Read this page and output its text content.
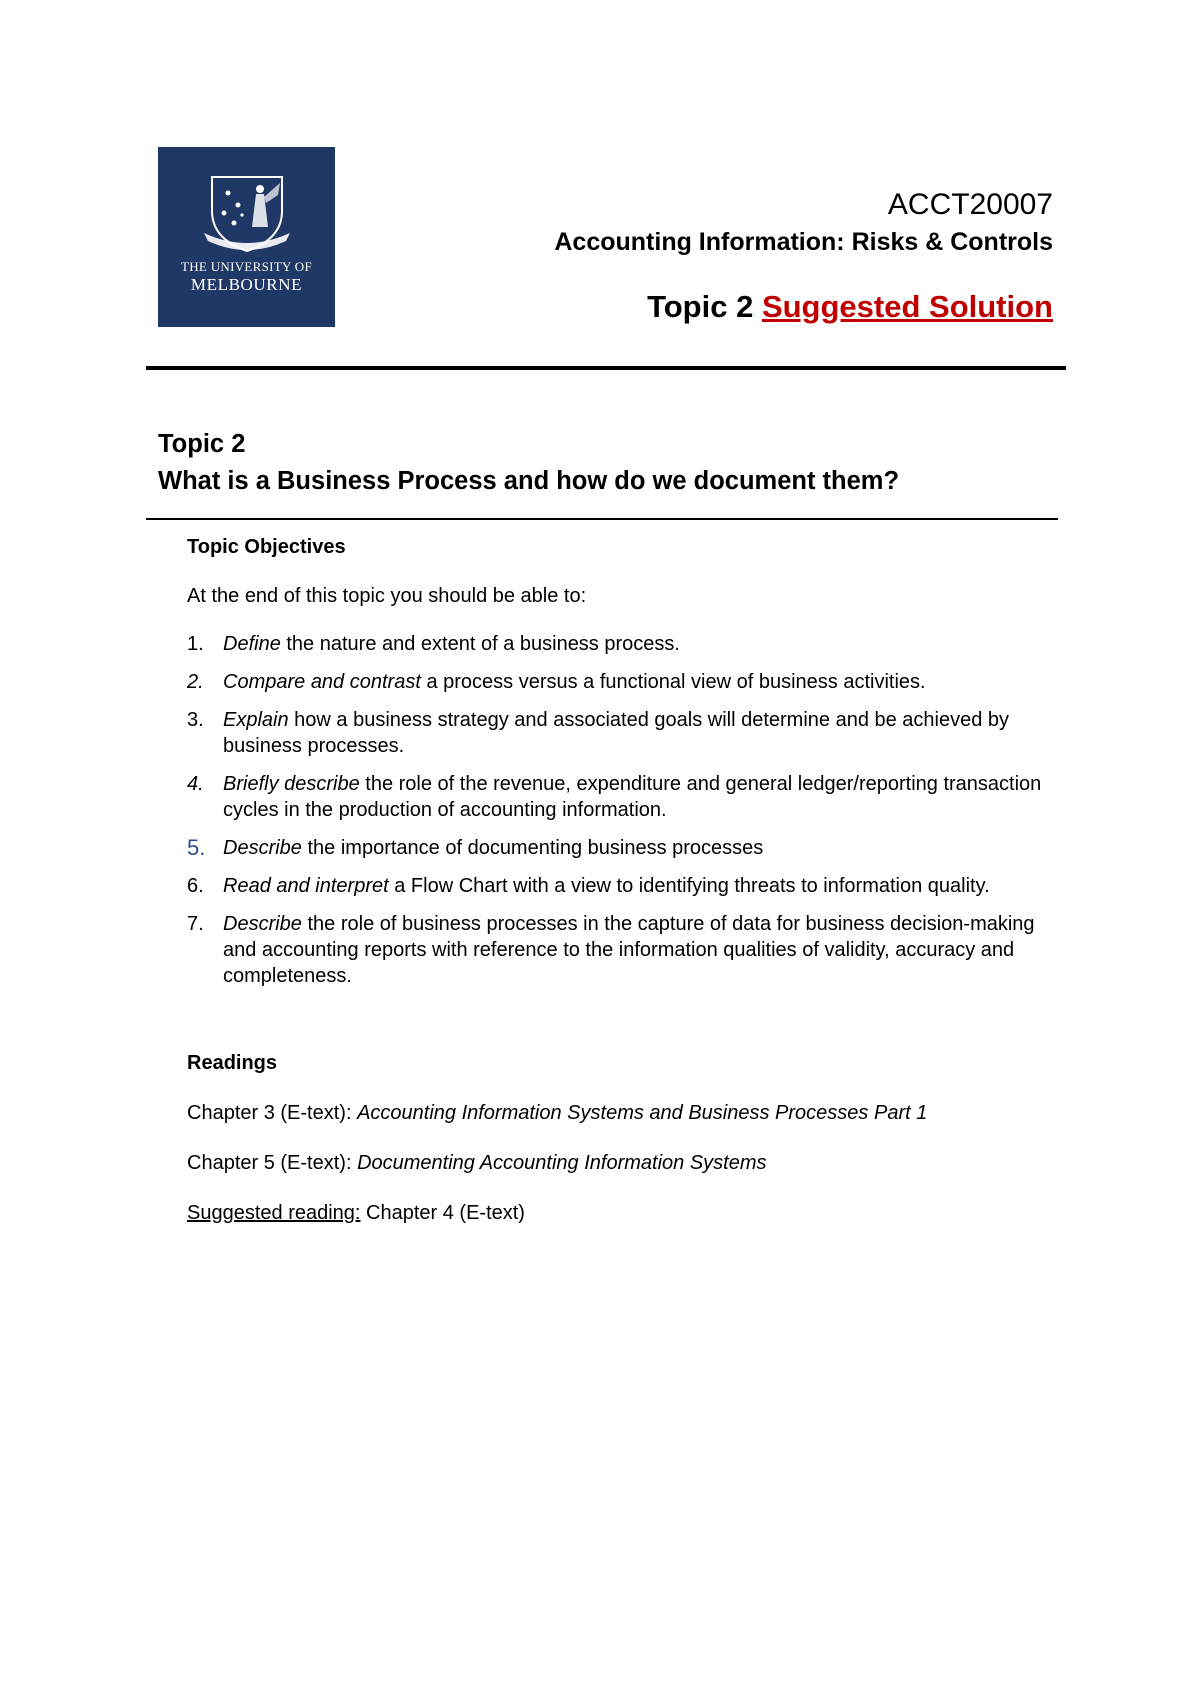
THE UNIVERSITY OF
MELBOURNE
ACCT20007
Accounting Information: Risks & Controls
Topic 2 Suggested Solution
Topic 2
What is a Business Process and how do we document them?

Topic Objectives

At the end of this topic you should be able to:

1. Define the nature and extent of a business process.
2. Compare and contrast a process versus a functional view of business activities.
3. Explain how a business strategy and associated goals will determine and be achieved by business processes.
4. Briefly describe the role of the revenue, expenditure and general ledger/reporting transaction cycles in the production of accounting information.
5. Describe the importance of documenting business processes
6. Read and interpret a Flow Chart with a view to identifying threats to information quality.
7. Describe the role of business processes in the capture of data for business decision-making and accounting reports with reference to the information qualities of validity, accuracy and completeness.

Readings

Chapter 3 (E-text): Accounting Information Systems and Business Processes Part 1

Chapter 5 (E-text): Documenting Accounting Information Systems

Suggested reading: Chapter 4 (E-text)
